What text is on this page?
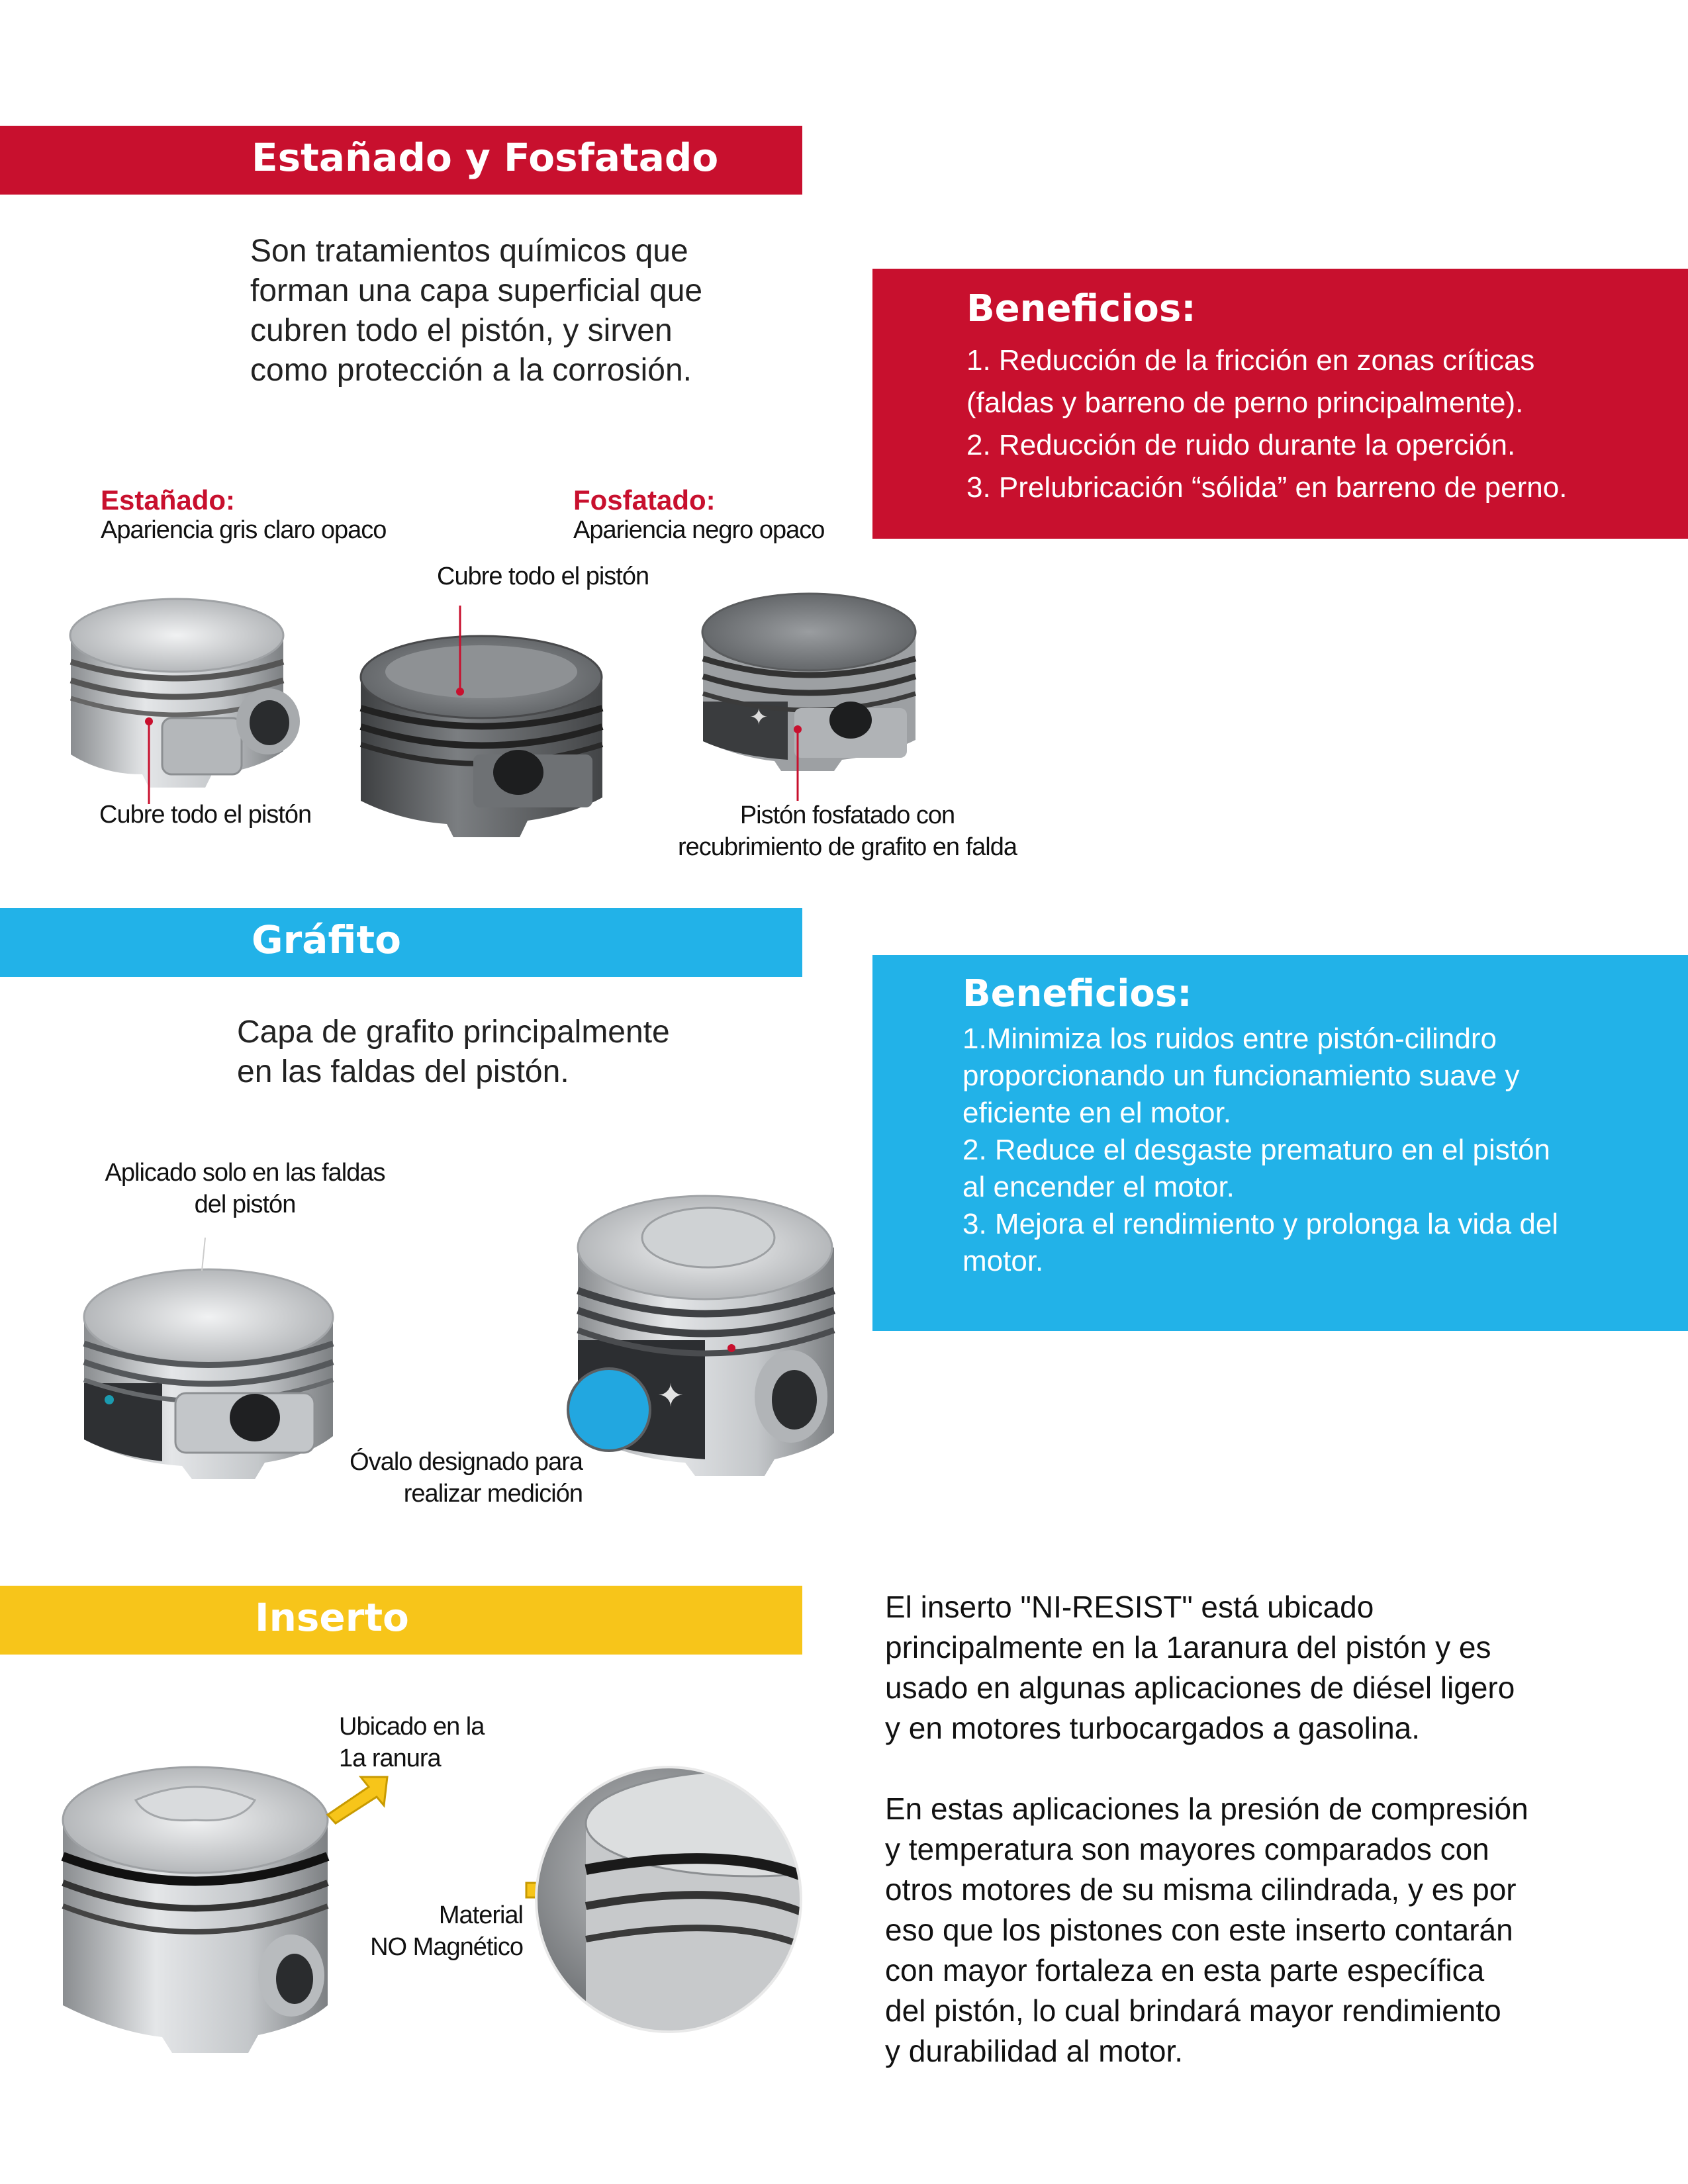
Estañado y Fosfatado
Son tratamientos químicos que
forman una capa superficial que
cubren todo el pistón, y sirven
como protección a la corrosión.
Beneficios:
1. Reducción de la fricción en zonas críticas
(faldas y barreno de perno principalmente).
2. Reducción de ruido durante la operción.
3. Prelubricación “sólida” en barreno de perno.
Estañado:
Apariencia gris claro opaco
Fosfatado:
Apariencia negro opaco
Cubre todo el pistón
✦
Cubre todo el pistón	Pistón fosfatado con
recubrimiento de grafito en falda
Gráfito
Capa de grafito principalmente
en las faldas del pistón.
Beneficios:
1.Minimiza los ruidos entre pistón-cilindro
proporcionando un funcionamiento suave y
eficiente en el motor.
2. Reduce el desgaste prematuro en el pistón
al encender el motor.
3. Mejora el rendimiento y prolonga la vida del
motor.
Aplicado solo en las faldas
del pistón
✦
Óvalo designado para
realizar medición
Inserto
Ubicado en la
1a ranura
Material
NO Magnético
El inserto "NI-RESIST" está ubicado
principalmente en la 1aranura del pistón y es
usado en algunas aplicaciones de diésel ligero
y en motores turbocargados a gasolina.
En estas aplicaciones la presión de compresión
y temperatura son mayores comparados con
otros motores de su misma cilindrada, y es por
eso que los pistones con este inserto contarán
con mayor fortaleza en esta parte específica
del pistón, lo cual brindará mayor rendimiento
y durabilidad al motor.
